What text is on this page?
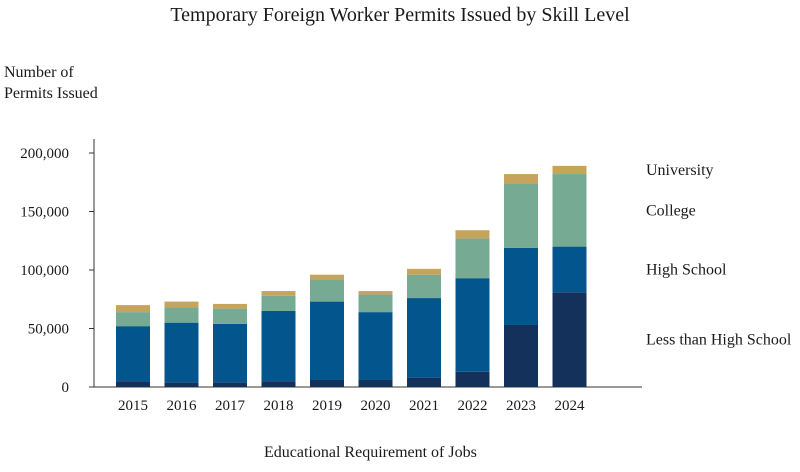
Temporary Foreign Worker Permits Issued by Skill Level
Number of
Permits Issued
Educational Requirement of Jobs
0
50,000
100,000
150,000
200,000
2015 2016 2017 2018 2019 2020 2021 2022 2023 2024
Less than High School
High School
College
University
